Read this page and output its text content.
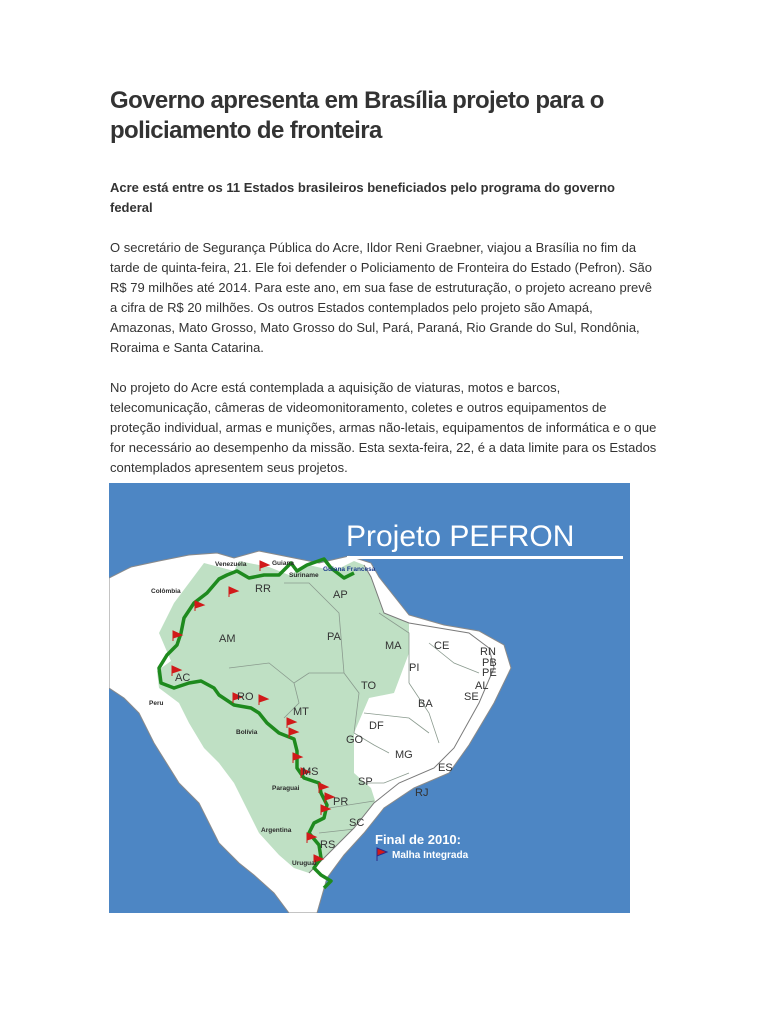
Governo apresenta em Brasília projeto para o policiamento de fronteira

Acre está entre os 11 Estados brasileiros beneficiados pelo programa do governo federal

O secretário de Segurança Pública do Acre, Ildor Reni Graebner, viajou a Brasília no fim da tarde de quinta-feira, 21. Ele foi defender o Policiamento de Fronteira do Estado (Pefron). São R$ 79 milhões até 2014. Para este ano, em sua fase de estruturação, o projeto acreano prevê a cifra de R$ 20 milhões. Os outros Estados contemplados pelo projeto são Amapá, Amazonas, Mato Grosso, Mato Grosso do Sul, Pará, Paraná, Rio Grande do Sul, Rondônia, Roraima e Santa Catarina.

No projeto do Acre está contemplada a aquisição de viaturas, motos e barcos, telecomunicação, câmeras de videomonitoramento, coletes e outros equipamentos de proteção individual, armas e munições, armas não-letais, equipamentos de informática e o que for necessário ao desempenho da missão. Esta sexta-feira, 22, é a data limite para os Estados contemplados apresentem seus projetos.

Projeto PEFRON
Venezuela	Guiana
Suriname
Guiana Francesa
Colômbia
Peru
Bolívia
Paraguai
Argentina
Uruguai
RR	AP
AM	PA
MA	CE	RN
PB
PE
AL
SE
PI
AC
RO
MT
TO
BA
DF
GO
MG
ES
MS
SP
RJ
PR
SC
RS	Final de 2010:
Malha Integrada
